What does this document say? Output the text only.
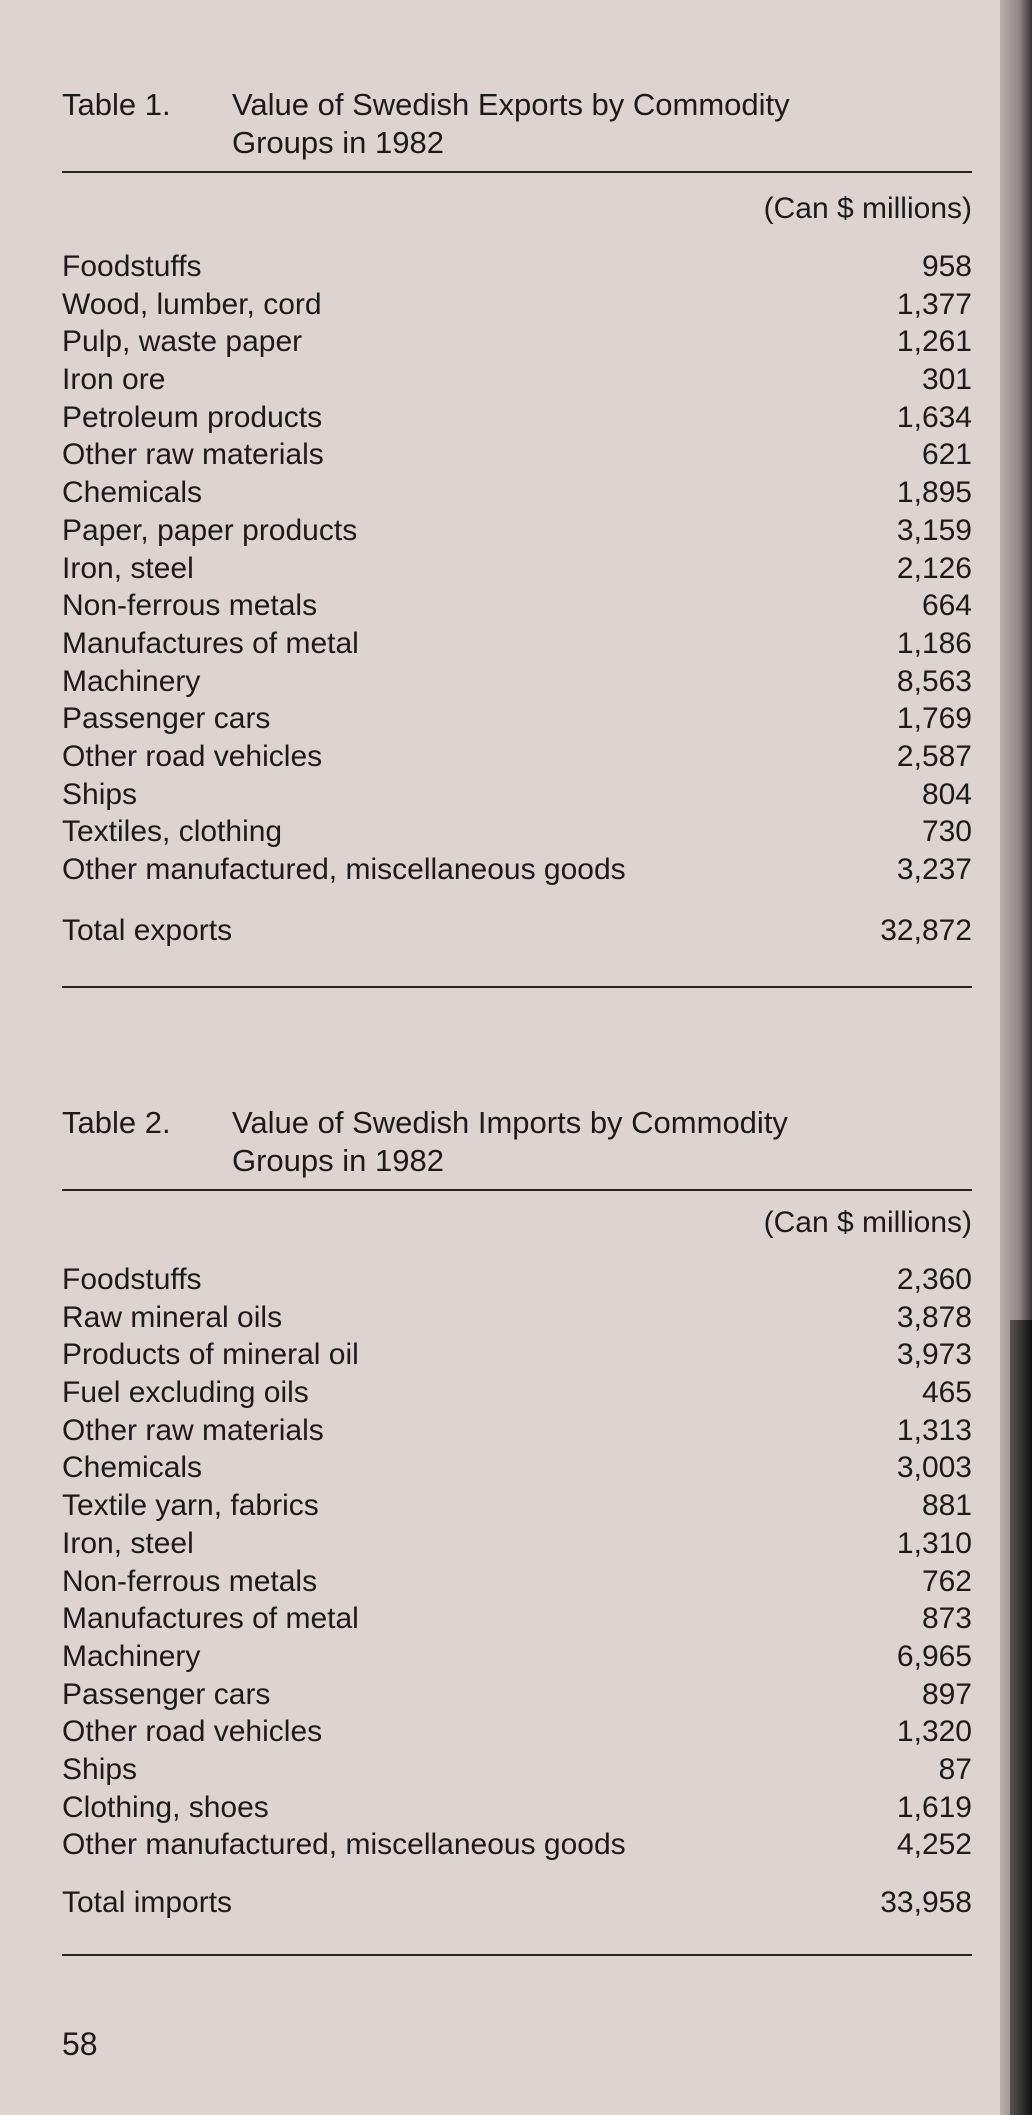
Table 1. Value of Swedish Exports by Commodity
Groups in 1982
(Can $ millions)
Foodstuffs	958
Wood, lumber, cord	1,377
Pulp, waste paper	1,261
Iron ore	301
Petroleum products	1,634
Other raw materials	621
Chemicals	1,895
Paper, paper products	3,159
Iron, steel	2,126
Non-ferrous metals	664
Manufactures of metal	1,186
Machinery	8,563
Passenger cars	1,769
Other road vehicles	2,587
Ships	804
Textiles, clothing	730
Other manufactured, miscellaneous goods	3,237
Total exports	32,872
Table 2. Value of Swedish Imports by Commodity
Groups in 1982
(Can $ millions)
Foodstuffs	2,360
Raw mineral oils	3,878
Products of mineral oil	3,973
Fuel excluding oils	465
Other raw materials	1,313
Chemicals	3,003
Textile yarn, fabrics	881
Iron, steel	1,310
Non-ferrous metals	762
Manufactures of metal	873
Machinery	6,965
Passenger cars	897
Other road vehicles	1,320
Ships	87
Clothing, shoes	1,619
Other manufactured, miscellaneous goods	4,252
Total imports	33,958
58
